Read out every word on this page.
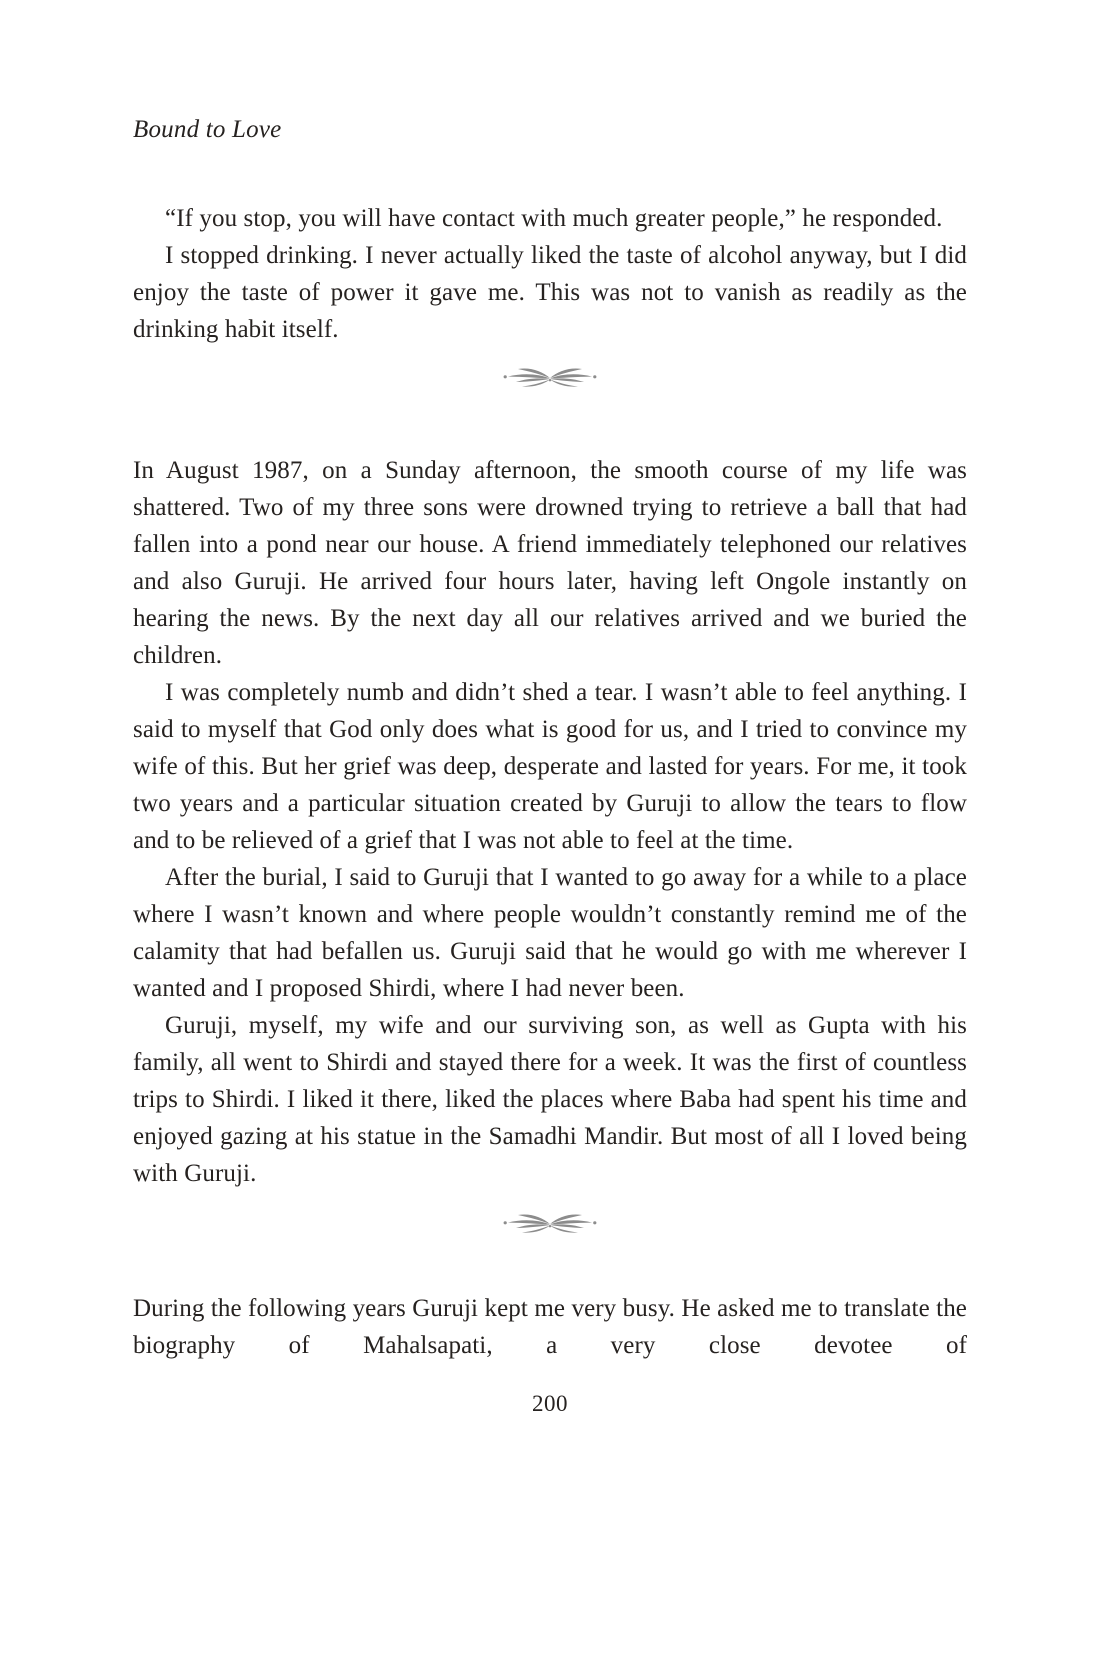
Bound to Love

“If you stop, you will have contact with much greater people,” he responded.

I stopped drinking. I never actually liked the taste of alcohol anyway, but I did enjoy the taste of power it gave me. This was not to vanish as readily as the drinking habit itself.

In August 1987, on a Sunday afternoon, the smooth course of my life was shattered. Two of my three sons were drowned trying to retrieve a ball that had fallen into a pond near our house. A friend immediately telephoned our relatives and also Guruji. He arrived four hours later, having left Ongole instantly on hearing the news. By the next day all our relatives arrived and we buried the children.

I was completely numb and didn’t shed a tear. I wasn’t able to feel anything. I said to myself that God only does what is good for us, and I tried to convince my wife of this. But her grief was deep, desperate and lasted for years. For me, it took two years and a particular situation created by Guruji to allow the tears to flow and to be relieved of a grief that I was not able to feel at the time.

After the burial, I said to Guruji that I wanted to go away for a while to a place where I wasn’t known and where people wouldn’t constantly remind me of the calamity that had befallen us. Guruji said that he would go with me wherever I wanted and I proposed Shirdi, where I had never been.

Guruji, myself, my wife and our surviving son, as well as Gupta with his family, all went to Shirdi and stayed there for a week. It was the first of countless trips to Shirdi. I liked it there, liked the places where Baba had spent his time and enjoyed gazing at his statue in the Samadhi Mandir. But most of all I loved being with Guruji.

During the following years Guruji kept me very busy. He asked me to translate the biography of Mahalsapati, a very close devotee of

200
